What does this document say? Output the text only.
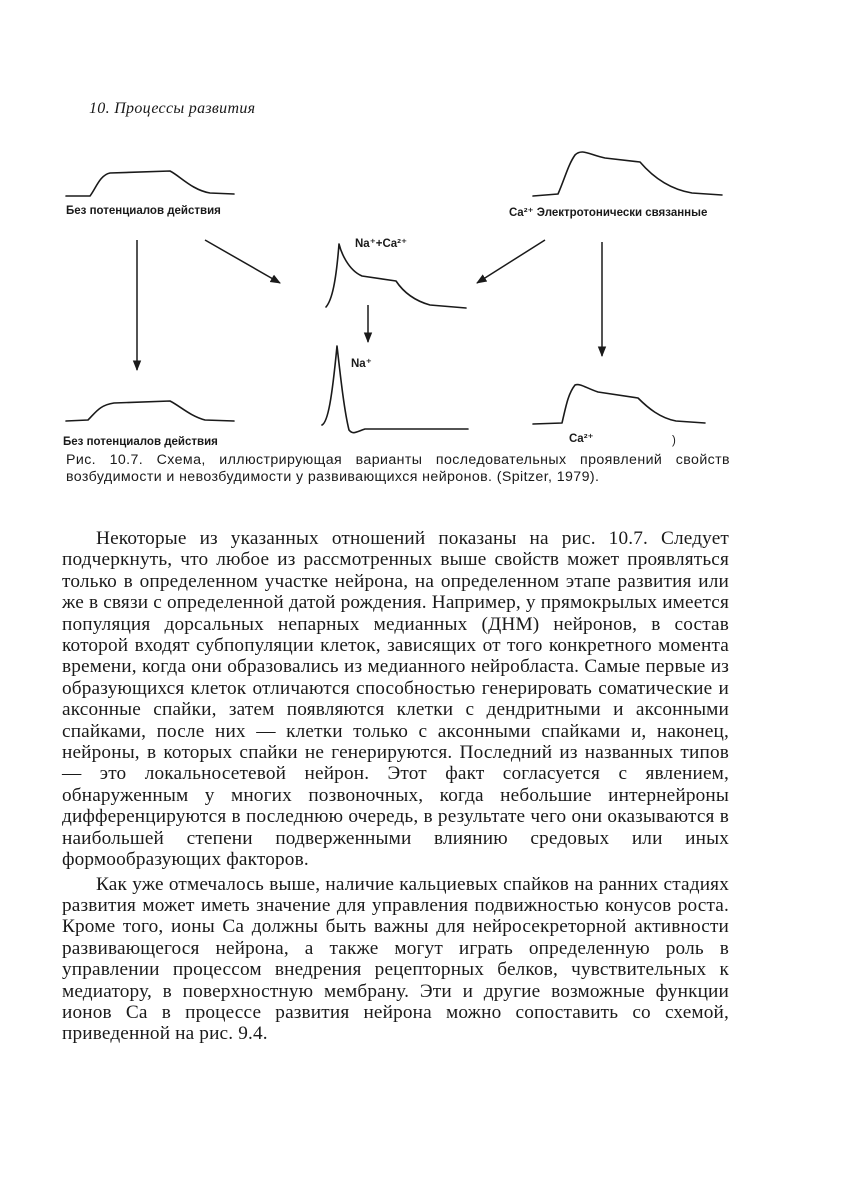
10. Процессы развития
Без потенциалов действия	Ca²⁺ Электротонически связанные
Na⁺+Ca²⁺
Na⁺
Без потенциалов действия	Ca²⁺	)
Рис. 10.7. Схема, иллюстрирующая варианты последовательных проявлений свойств возбудимости и невозбудимости у развивающихся нейронов. (Spitzer, 1979).

Некоторые из указанных отношений показаны на рис. 10.7. Следует подчеркнуть, что любое из рассмотренных выше свойств может проявляться только в определенном участке нейрона, на определенном этапе развития или же в связи с определенной датой рождения. Например, у прямокрылых имеется популяция дорсальных непарных медианных (ДНМ) нейронов, в состав которой входят субпопуляции клеток, зависящих от того конкретного момента времени, когда они образовались из медианного нейробласта. Самые первые из образующихся клеток отличаются способностью генерировать соматические и аксонные спайки, затем появляются клетки с дендритными и аксонными спайками, после них — клетки только с аксонными спайками и, наконец, нейроны, в которых спайки не генерируются. Последний из названных типов — это локальносетевой нейрон. Этот факт согласуется с явлением, обнаруженным у многих позвоночных, когда небольшие интернейроны дифференцируются в последнюю очередь, в результате чего они оказываются в наибольшей степени подверженными влиянию средовых или иных формообразующих факторов.

Как уже отмечалось выше, наличие кальциевых спайков на ранних стадиях развития может иметь значение для управления подвижностью конусов роста. Кроме того, ионы Ca должны быть важны для нейросекреторной активности развивающегося нейрона, а также могут играть определенную роль в управлении процессом внедрения рецепторных белков, чувствительных к медиатору, в поверхностную мембрану. Эти и другие возможные функции ионов Ca в процессе развития нейрона можно сопоставить со схемой, приведенной на рис. 9.4.
